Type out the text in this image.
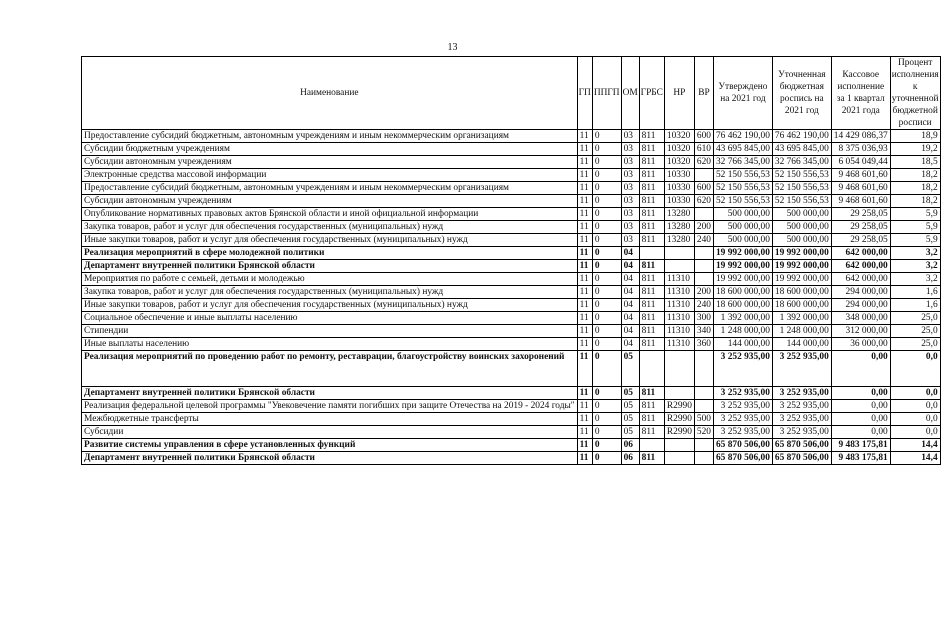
13
Наименование	ГП	ППГП	ОМ	ГРБС	НР	ВР	Утверждено на 2021 год	Уточненная бюджетная роспись на 2021 год	Кассовое исполнение за 1 квартал 2021 года	Процент исполнения к уточненной бюджетной росписи
Предоставление субсидий бюджетным, автономным учреждениям и иным некоммерческим организациям	11	0	03	811	10320	600	76 462 190,00	76 462 190,00	14 429 086,37	18,9
Субсидии бюджетным учреждениям	11	0	03	811	10320	610	43 695 845,00	43 695 845,00	8 375 036,93	19,2
Субсидии автономным учреждениям	11	0	03	811	10320	620	32 766 345,00	32 766 345,00	6 054 049,44	18,5
Электронные средства массовой информации	11	0	03	811	10330		52 150 556,53	52 150 556,53	9 468 601,60	18,2
Предоставление субсидий бюджетным, автономным учреждениям и иным некоммерческим организациям	11	0	03	811	10330	600	52 150 556,53	52 150 556,53	9 468 601,60	18,2
Субсидии автономным учреждениям	11	0	03	811	10330	620	52 150 556,53	52 150 556,53	9 468 601,60	18,2
Опубликование нормативных правовых актов Брянской области и иной официальной информации	11	0	03	811	13280		500 000,00	500 000,00	29 258,05	5,9
Закупка товаров, работ и услуг для обеспечения государственных (муниципальных) нужд	11	0	03	811	13280	200	500 000,00	500 000,00	29 258,05	5,9
Иные закупки товаров, работ и услуг для обеспечения государственных (муниципальных) нужд	11	0	03	811	13280	240	500 000,00	500 000,00	29 258,05	5,9
Реализация мероприятий в сфере молодежной политики	11	0	04				19 992 000,00	19 992 000,00	642 000,00	3,2
Департамент внутренней политики Брянской области	11	0	04	811			19 992 000,00	19 992 000,00	642 000,00	3,2
Мероприятия по работе с семьей, детьми и молодежью	11	0	04	811	11310		19 992 000,00	19 992 000,00	642 000,00	3,2
Закупка товаров, работ и услуг для обеспечения государственных (муниципальных) нужд	11	0	04	811	11310	200	18 600 000,00	18 600 000,00	294 000,00	1,6
Иные закупки товаров, работ и услуг для обеспечения государственных (муниципальных) нужд	11	0	04	811	11310	240	18 600 000,00	18 600 000,00	294 000,00	1,6
Социальное обеспечение и иные выплаты населению	11	0	04	811	11310	300	1 392 000,00	1 392 000,00	348 000,00	25,0
Стипендии	11	0	04	811	11310	340	1 248 000,00	1 248 000,00	312 000,00	25,0
Иные выплаты населению	11	0	04	811	11310	360	144 000,00	144 000,00	36 000,00	25,0
Реализация мероприятий по проведению работ по ремонту, реставрации, благоустройству воинских захоронений	11	0	05				3 252 935,00	3 252 935,00	0,00	0,0
Департамент внутренней политики Брянской области	11	0	05	811			3 252 935,00	3 252 935,00	0,00	0,0
Реализация федеральной целевой программы "Увековечение памяти погибших при защите Отечества на 2019 - 2024 годы"	11	0	05	811	R2990		3 252 935,00	3 252 935,00	0,00	0,0
Межбюджетные трансферты	11	0	05	811	R2990	500	3 252 935,00	3 252 935,00	0,00	0,0
Субсидии	11	0	05	811	R2990	520	3 252 935,00	3 252 935,00	0,00	0,0
Развитие системы управления в сфере установленных функций	11	0	06				65 870 506,00	65 870 506,00	9 483 175,81	14,4
Департамент внутренней политики Брянской области	11	0	06	811			65 870 506,00	65 870 506,00	9 483 175,81	14,4
